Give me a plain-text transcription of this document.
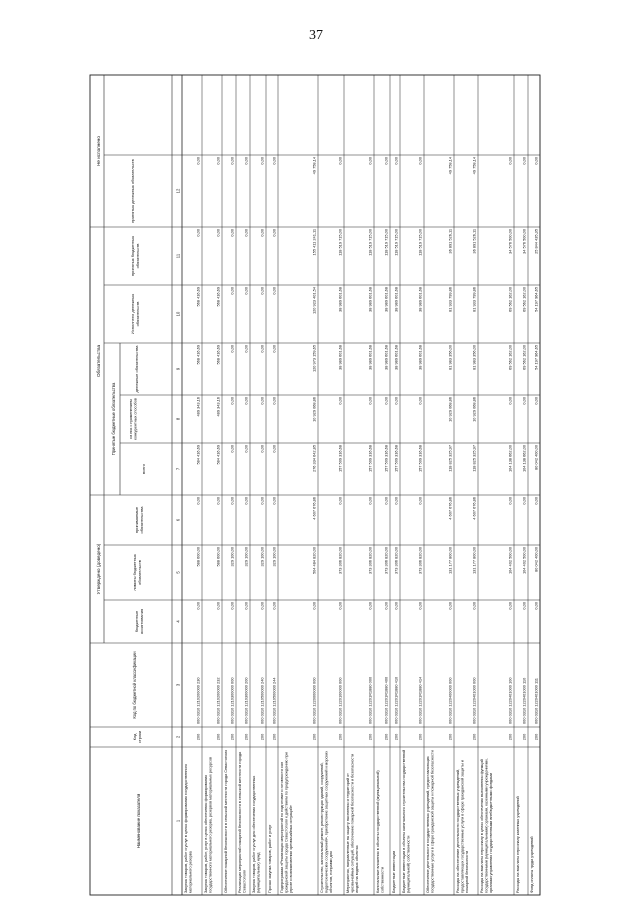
37
Утверждено (доведено)
Обязательства
Не исполнено
Принятые бюджетные обязательства
Наименование показателя
Кодстроки
Код по бюджетной классификации
бюджетныеассигнования
лимиты бюджетныхобязательств
принимаемыеобязательства
всего
из них с применениемконкурентных способов
денежные обязательства
Исполнено денежныхобязательств
принятых бюджетныхобязательств
принятых денежных обязательств
1
2
3
4
5
6
7
8
9
10
11
12
Закупка товаров, работ и услуг в целях формирования государственногоматериального резерва
200
000 0310 1210200000 230
0,00
588 600,00
0,00
584 416,69
489 343,16
568 416,69
568 416,69
0,00
0,00
Закупка товаров, работ, услуг в целях обеспечения формированиягосударственного материального резерва, резервов материальных ресурсов
200
000 0310 1210200000 232
0,00
588 600,00
0,00
584 416,69
489 343,16
568 416,69
568 416,69
0,00
0,00
Обеспечение пожарной безопасности в сельской местности города Севастополя
200
000 0310 1210300000 000
0,00
329 100,00
0,00
0,00
0,00
0,00
0,00
0,00
0,00
Реализация мероприятий пожарной безопасности в сельской местности городаСевастополя
200
000 0310 1210300000 200
0,00
329 100,00
0,00
0,00
0,00
0,00
0,00
0,00
0,00
Закупка товаров, работ и услуг для обеспечения государственных(муниципальных) нужд
200
000 0310 1210500000 240
0,00
329 100,00
0,00
0,00
0,00
0,00
0,00
0,00
0,00
Прочая закупка товаров, работ и услуг
200
000 0310 1210500000 244
0,00
329 100,00
0,00
0,00
0,00
0,00
0,00
0,00
0,00
Подпрограмма «Реализация мероприятий по подготовке и готовности силгражданской защиты города Севастополя к действиям по предупреждению приугрозе и возникновении чрезвычайных ситуаций»
200
000 0310 1220000000 000
0,00
504 484 820,00
4 607 676,86
276 334 642,85
10 929 068,86
120 973 159,65
120 923 401,54
155 411 241,11
49 758,14
Строительство, капитальный ремонт, реконструкция зданий, сооружений,гидротехнических сооружений», приобретение защитных сооружений и морскихобъектов, поправки для
200
000 0310 1220100000 000
0,00
373 306 820,00
0,00
157 509 316,68
0,00
38 989 601,68
38 989 601,68
118 519 715,00
0,00
Мероприятия, направленные на защиту населения и территорий отчрезвычайных ситуаций, обеспечение пожарной безопасности и безопасностилюдей на водных объектах
200
000 0310 12201R1880 000
0,00
373 306 820,00
0,00
157 509 316,68
0,00
38 989 601,68
38 989 601,68
118 519 715,00
0,00
Капитальные вложения в объекты государственной (муниципальной)собственности
200
000 0310 12201R1880 400
0,00
373 306 820,00
0,00
157 509 316,68
0,00
38 989 601,68
38 989 601,68
118 519 715,00
0,00
Бюджетные инвестиции
200
000 0310 12201R1880 410
0,00
373 306 820,00
0,00
157 509 316,68
0,00
38 989 601,68
38 989 601,68
118 519 715,00
0,00
Бюджетные инвестиции в объекты капитального строительства государственной(муниципальной) собственности
200
000 0310 12201R1880 414
0,00
373 306 820,00
0,00
157 509 316,68
0,00
38 989 601,68
38 989 601,68
118 519 715,00
0,00
Обеспечение деятельности государственных учреждений, предоставляющихгосударственные услуги в сфере гражданской защиты и пожарной безопасности
200
000 0310 1220400000 000
0,00
131 177 800,00
4 607 676,86
118 825 325,97
10 929 068,86
81 983 356,00
81 933 799,86
36 891 526,11
49 758,14
Расходы на обеспечение деятельности государственных учреждений,предоставляющих государственные услуги в сфере гражданской защиты ипожарной безопасности
200
000 0310 1220401000 000
0,00
131 177 800,00
4 607 676,86
118 825 325,97
10 929 068,86
81 983 356,00
81 933 799,86
36 891 526,11
49 758,14
Расходы на выплаты персоналу в целях обеспечения выполнения функцийгосударственными (муниципальными) органами, казенными учреждениями,органами управления государственными внебюджетными фондами
200
000 0310 1220401000 100
0,00
104 402 500,00
0,00
104 138 662,00
0,00
69 562 162,00
69 562 162,00
34 576 500,00
0,00
Расходы на выплаты персоналу казенных учреждений
200
000 0310 1220401000 110
0,00
104 402 500,00
0,00
104 138 662,00
0,00
69 562 162,00
69 562 162,00
34 576 500,00
0,00
Фонд оплаты труда учреждений
200
000 0310 1220401000 111
0,00
80 042 400,00
0,00
80 042 400,00
0,00
54 197 964,65
54 197 964,65
25 844 435,35
0,00
